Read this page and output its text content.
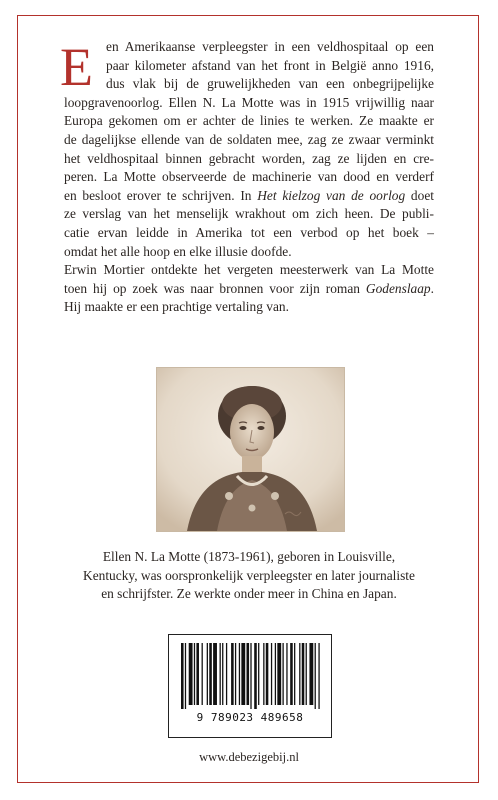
E en Amerikaanse verpleegster in een veldhospitaal op een
paar kilometer afstand van het front in België anno 1916,
dus vlak bij de gruwelijkheden van een onbegrijpelijke
loopgravenoorlog. Ellen N. La Motte was in 1915 vrijwillig naar
Europa gekomen om er achter de linies te werken. Ze maakte er
de dagelijkse ellende van de soldaten mee, zag ze zwaar verminkt
het veldhospitaal binnen gebracht worden, zag ze lijden en cre-
peren. La Motte observeerde de machinerie van dood en verderf
en besloot erover te schrijven. In Het kielzog van de oorlog doet
ze verslag van het menselijk wrakhout om zich heen. De publi-
catie ervan leidde in Amerika tot een verbod op het boek –
omdat het alle hoop en elke illusie doofde.
Erwin Mortier ontdekte het vergeten meesterwerk van La Motte
toen hij op zoek was naar bronnen voor zijn roman Godenslaap.
Hij maakte er een prachtige vertaling van.

Ellen N. La Motte (1873-1961), geboren in Louisville,
Kentucky, was oorspronkelijk verpleegster en later journaliste
en schrijfster. Ze werkte onder meer in China en Japan.
9 789023 489658
www.debezigebij.nl
